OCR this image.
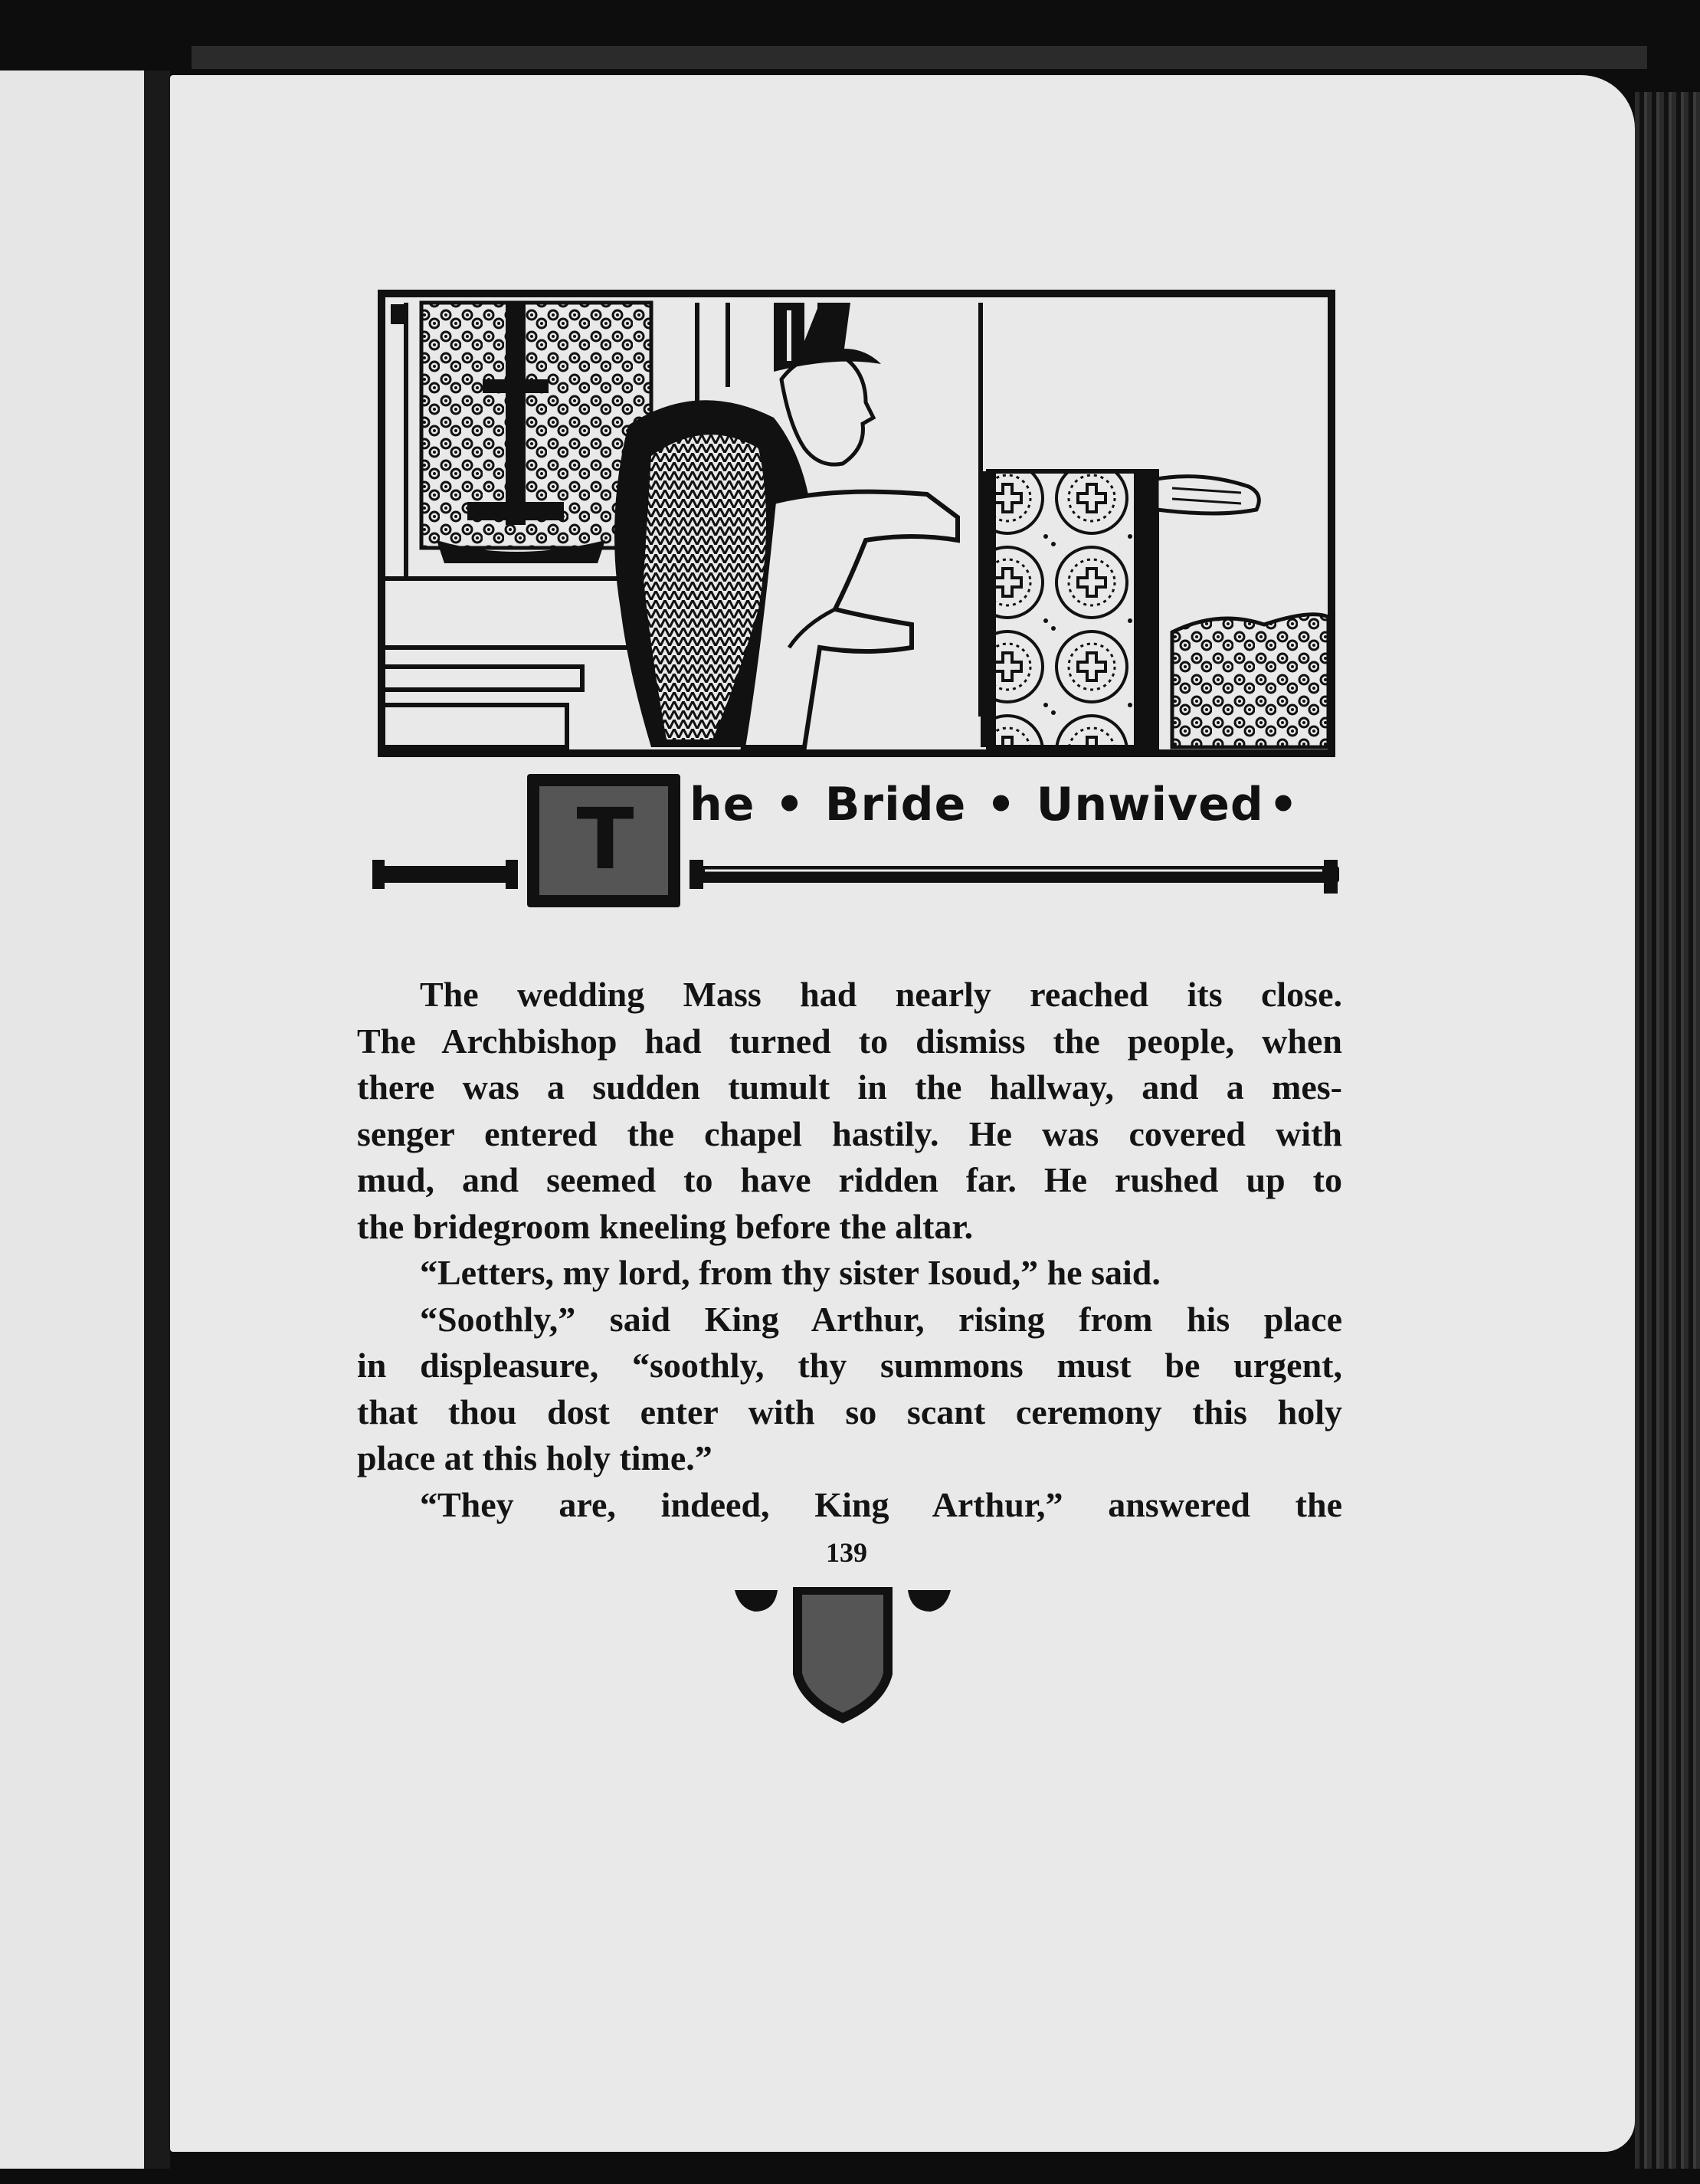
T	he • Bride • Unwived •

The wedding Mass had nearly reached its close.

The Archbishop had turned to dismiss the people, when

there was a sudden tumult in the hallway, and a mes-

senger entered the chapel hastily. He was covered with

mud, and seemed to have ridden far. He rushed up to

the bridegroom kneeling before the altar.

“Letters, my lord, from thy sister Isoud,” he said.

“Soothly,” said King Arthur, rising from his place

in displeasure, “soothly, thy summons must be urgent,

that thou dost enter with so scant ceremony this holy

place at this holy time.”

“They are, indeed, King Arthur,” answered the

139
